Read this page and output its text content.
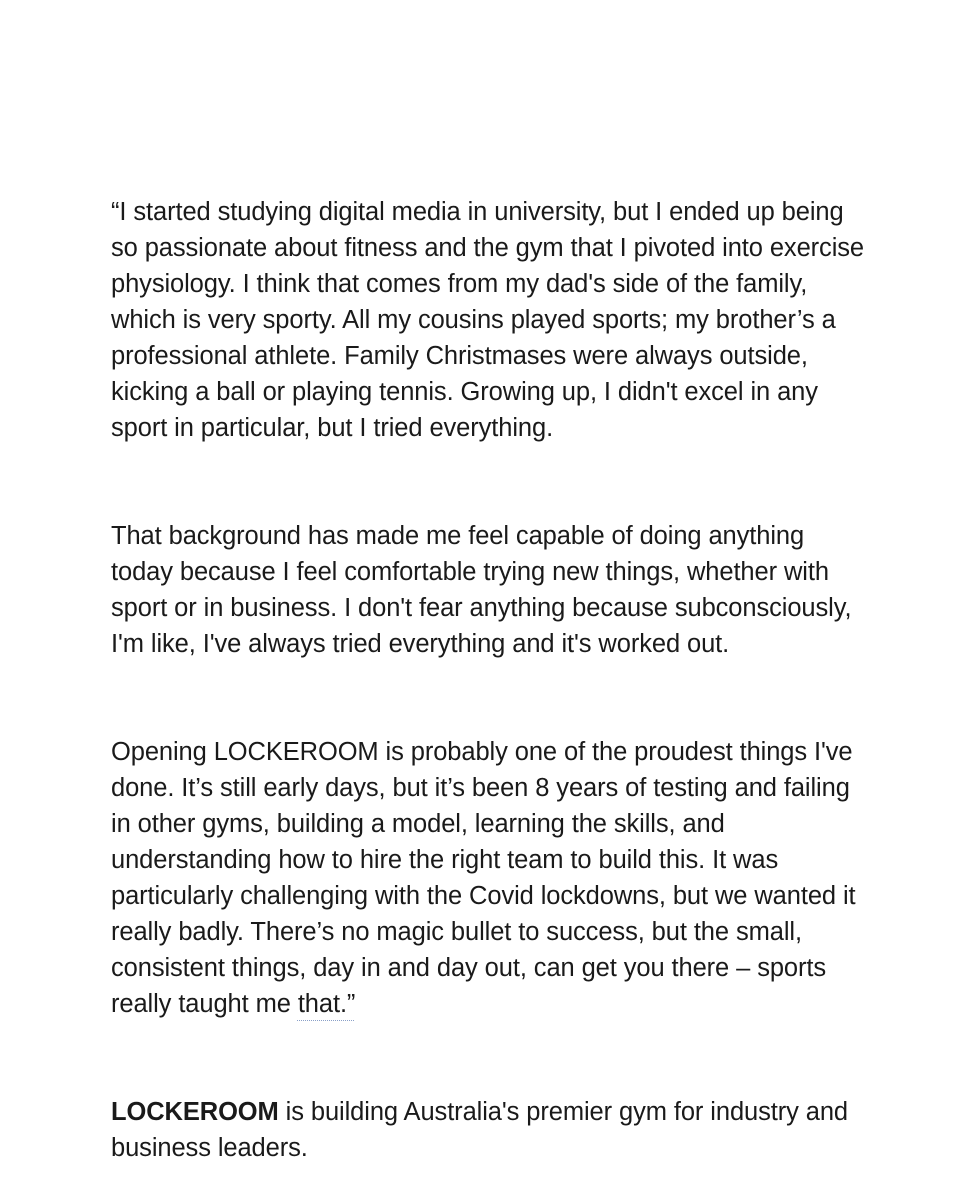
“I started studying digital media in university, but I ended up being so passionate about fitness and the gym that I pivoted into exercise physiology. I think that comes from my dad's side of the family, which is very sporty. All my cousins played sports; my brother’s a professional athlete. Family Christmases were always outside, kicking a ball or playing tennis. Growing up, I didn't excel in any sport in particular, but I tried everything.

That background has made me feel capable of doing anything today because I feel comfortable trying new things, whether with sport or in business. I don't fear anything because subconsciously, I'm like, I've always tried everything and it's worked out.

Opening LOCKEROOM is probably one of the proudest things I've done. It’s still early days, but it’s been 8 years of testing and failing in other gyms, building a model, learning the skills, and understanding how to hire the right team to build this. It was particularly challenging with the Covid lockdowns, but we wanted it really badly. There’s no magic bullet to success, but the small, consistent things, day in and day out, can get you there – sports really taught me that.”

LOCKEROOM is building Australia's premier gym for industry and business leaders.
